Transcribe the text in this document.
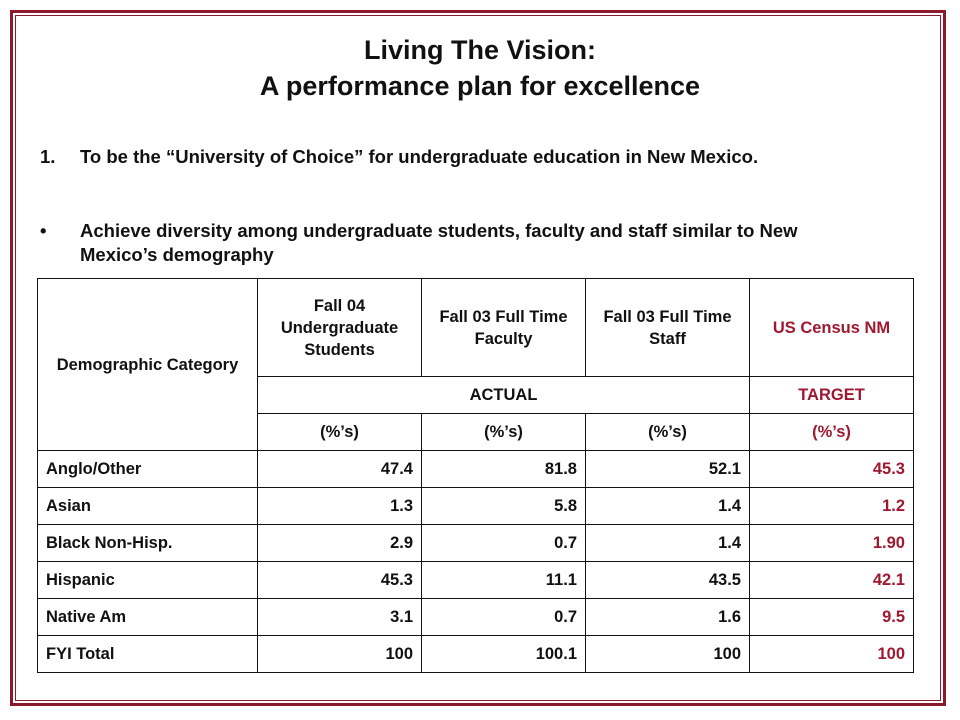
Living The Vision:
A performance plan for excellence
1. To be the “University of Choice” for undergraduate education in New Mexico.
• Achieve diversity among undergraduate students, faculty and staff similar to New Mexico’s demography
Demographic Category	Fall 04 Undergraduate Students	Fall 03 Full Time Faculty	Fall 03 Full Time Staff	US Census NM
	ACTUAL			TARGET
	(%’s)	(%’s)	(%’s)	(%’s)
Anglo/Other	47.4	81.8	52.1	45.3
Asian	1.3	5.8	1.4	1.2
Black Non-Hisp.	2.9	0.7	1.4	1.90
Hispanic	45.3	11.1	43.5	42.1
Native Am	3.1	0.7	1.6	9.5
FYI Total	100	100.1	100	100
